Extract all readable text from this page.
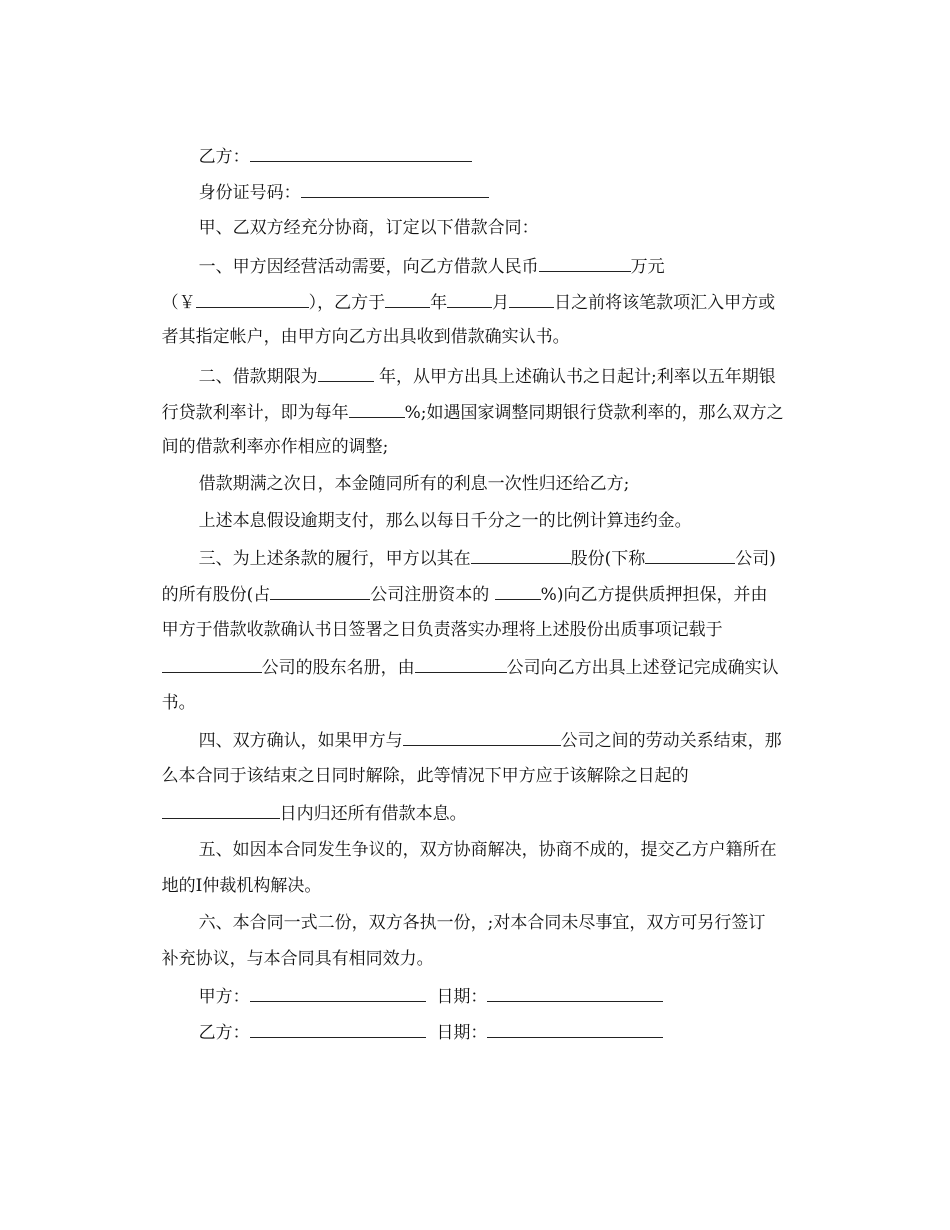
乙方：

身份证号码：

甲、乙双方经充分协商，订定以下借款合同：

一、甲方因经营活动需要，向乙方借款人民币	万元

（￥	），乙方于	年	月	日之前将该笔款项汇入甲方或

者其指定帐户，由甲方向乙方出具收到借款确实认书。

二、借款期限为	年，从甲方出具上述确认书之日起计;利率以五年期银

行贷款利率计，即为每年	%;如遇国家调整同期银行贷款利率的，那么双方之

间的借款利率亦作相应的调整;

借款期满之次日，本金随同所有的利息一次性归还给乙方;

上述本息假设逾期支付，那么以每日千分之一的比例计算违约金。

三、为上述条款的履行，甲方以其在	股份(下称	公司)

的所有股份(占	公司注册资本的	%)向乙方提供质押担保，并由

甲方于借款收款确认书日签署之日负责落实办理将上述股份出质事项记载于

公司的股东名册，由	公司向乙方出具上述登记完成确实认

书。

四、双方确认，如果甲方与	公司之间的劳动关系结束，那

么本合同于该结束之日同时解除，此等情况下甲方应于该解除之日起的

日内归还所有借款本息。

五、如因本合同发生争议的，双方协商解决，协商不成的，提交乙方户籍所在

地的I仲裁机构解决。

六、本合同一式二份，双方各执一份，;对本合同未尽事宜，双方可另行签订

补充协议，与本合同具有相同效力。

甲方：	日期：

乙方：	日期：
